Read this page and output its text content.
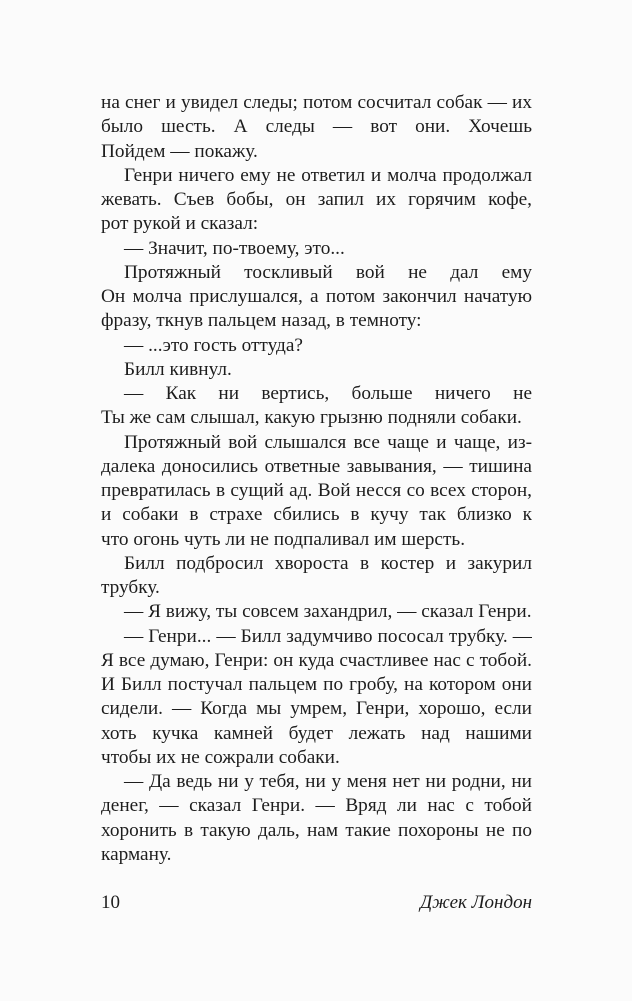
на снег и увидел следы; потом сосчитал собак — их
было шесть. А следы — вот они. Хочешь
Пойдем — покажу.
Генри ничего ему не ответил и молча продолжал
жевать. Съев бобы, он запил их горячим кофе,
рот рукой и сказал:
— Значит, по-твоему, это...
Протяжный тоскливый вой не дал ему
Он молча прислушался, а потом закончил начатую
фразу, ткнув пальцем назад, в темноту:
— ...это гость оттуда?
Билл кивнул.
— Как ни вертись, больше ничего не
Ты же сам слышал, какую грызню подняли собаки.
Протяжный вой слышался все чаще и чаще, из-
далека доносились ответные завывания, — тишина
превратилась в сущий ад. Вой несся со всех сторон,
и собаки в страхе сбились в кучу так близко к
что огонь чуть ли не подпаливал им шерсть.
Билл подбросил хвороста в костер и закурил
трубку.
— Я вижу, ты совсем захандрил, — сказал Генри.
— Генри... — Билл задумчиво пососал трубку. —
Я все думаю, Генри: он куда счастливее нас с тобой.
И Билл постучал пальцем по гробу, на котором они
сидели. — Когда мы умрем, Генри, хорошо, если
хоть кучка камней будет лежать над нашими
чтобы их не сожрали собаки.
— Да ведь ни у тебя, ни у меня нет ни родни, ни
денег, — сказал Генри. — Вряд ли нас с тобой
хоронить в такую даль, нам такие похороны не по
карману.
10	Джек Лондон
